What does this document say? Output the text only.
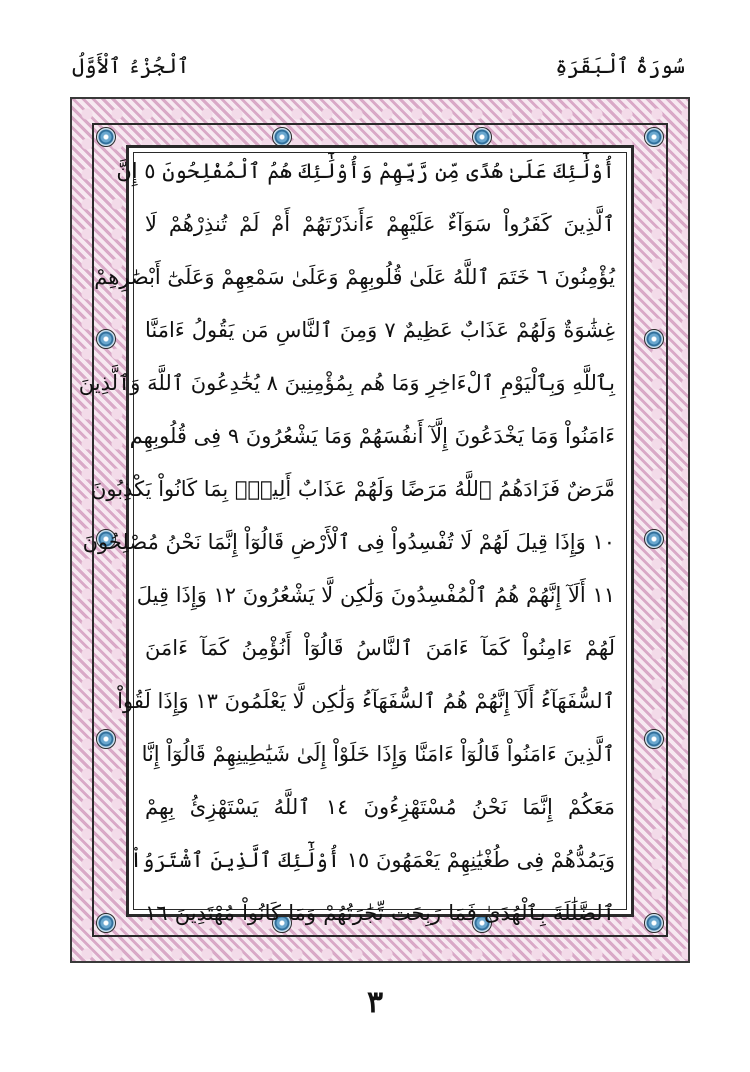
سُورَةُ ٱلْبَقَرَةِ
ٱلْجُزْءُ ٱلْأَوَّلُ
أُوْلَٰٓئِكَ عَلَىٰ هُدًى مِّن رَّبِّهِمْ وَأُوْلَٰٓئِكَ هُمُ ٱلْمُفْلِحُونَ ٥ إِنَّ
ٱلَّذِينَ كَفَرُواْ سَوَآءٌ عَلَيْهِمْ ءَأَنذَرْتَهُمْ أَمْ لَمْ تُنذِرْهُمْ لَا
يُؤْمِنُونَ ٦ خَتَمَ ٱللَّهُ عَلَىٰ قُلُوبِهِمْ وَعَلَىٰ سَمْعِهِمْ وَعَلَىٰٓ أَبْصَٰرِهِمْ
غِشَٰوَةٌ وَلَهُمْ عَذَابٌ عَظِيمٌ ٧ وَمِنَ ٱلنَّاسِ مَن يَقُولُ ءَامَنَّا
بِٱللَّهِ وَبِٱلْيَوْمِ ٱلْءَاخِرِ وَمَا هُم بِمُؤْمِنِينَ ٨ يُخَٰدِعُونَ ٱللَّهَ وَٱلَّذِينَ
ءَامَنُواْ وَمَا يَخْدَعُونَ إِلَّآ أَنفُسَهُمْ وَمَا يَشْعُرُونَ ٩ فِى قُلُوبِهِم
مَّرَضٌ فَزَادَهُمُ ٱللَّهُ مَرَضًا وَلَهُمْ عَذَابٌ أَلِيمٌۢ بِمَا كَانُواْ يَكْذِبُونَ
١٠ وَإِذَا قِيلَ لَهُمْ لَا تُفْسِدُواْ فِى ٱلْأَرْضِ قَالُوٓاْ إِنَّمَا نَحْنُ مُصْلِحُونَ
١١ أَلَآ إِنَّهُمْ هُمُ ٱلْمُفْسِدُونَ وَلَٰكِن لَّا يَشْعُرُونَ ١٢ وَإِذَا قِيلَ
لَهُمْ ءَامِنُواْ كَمَآ ءَامَنَ ٱلنَّاسُ قَالُوٓاْ أَنُؤْمِنُ كَمَآ ءَامَنَ
ٱلسُّفَهَآءُ أَلَآ إِنَّهُمْ هُمُ ٱلسُّفَهَآءُ وَلَٰكِن لَّا يَعْلَمُونَ ١٣ وَإِذَا لَقُواْ
ٱلَّذِينَ ءَامَنُواْ قَالُوٓاْ ءَامَنَّا وَإِذَا خَلَوْاْ إِلَىٰ شَيَٰطِينِهِمْ قَالُوٓاْ إِنَّا
مَعَكُمْ إِنَّمَا نَحْنُ مُسْتَهْزِءُونَ ١٤ ٱللَّهُ يَسْتَهْزِئُ بِهِمْ
وَيَمُدُّهُمْ فِى طُغْيَٰنِهِمْ يَعْمَهُونَ ١٥ أُوْلَٰٓئِكَ ٱلَّذِينَ ٱشْتَرَوُاْ
ٱلضَّلَٰلَةَ بِٱلْهُدَىٰ فَمَا رَبِحَت تِّجَٰرَتُهُمْ وَمَا كَانُواْ مُهْتَدِينَ ١٦
٣
